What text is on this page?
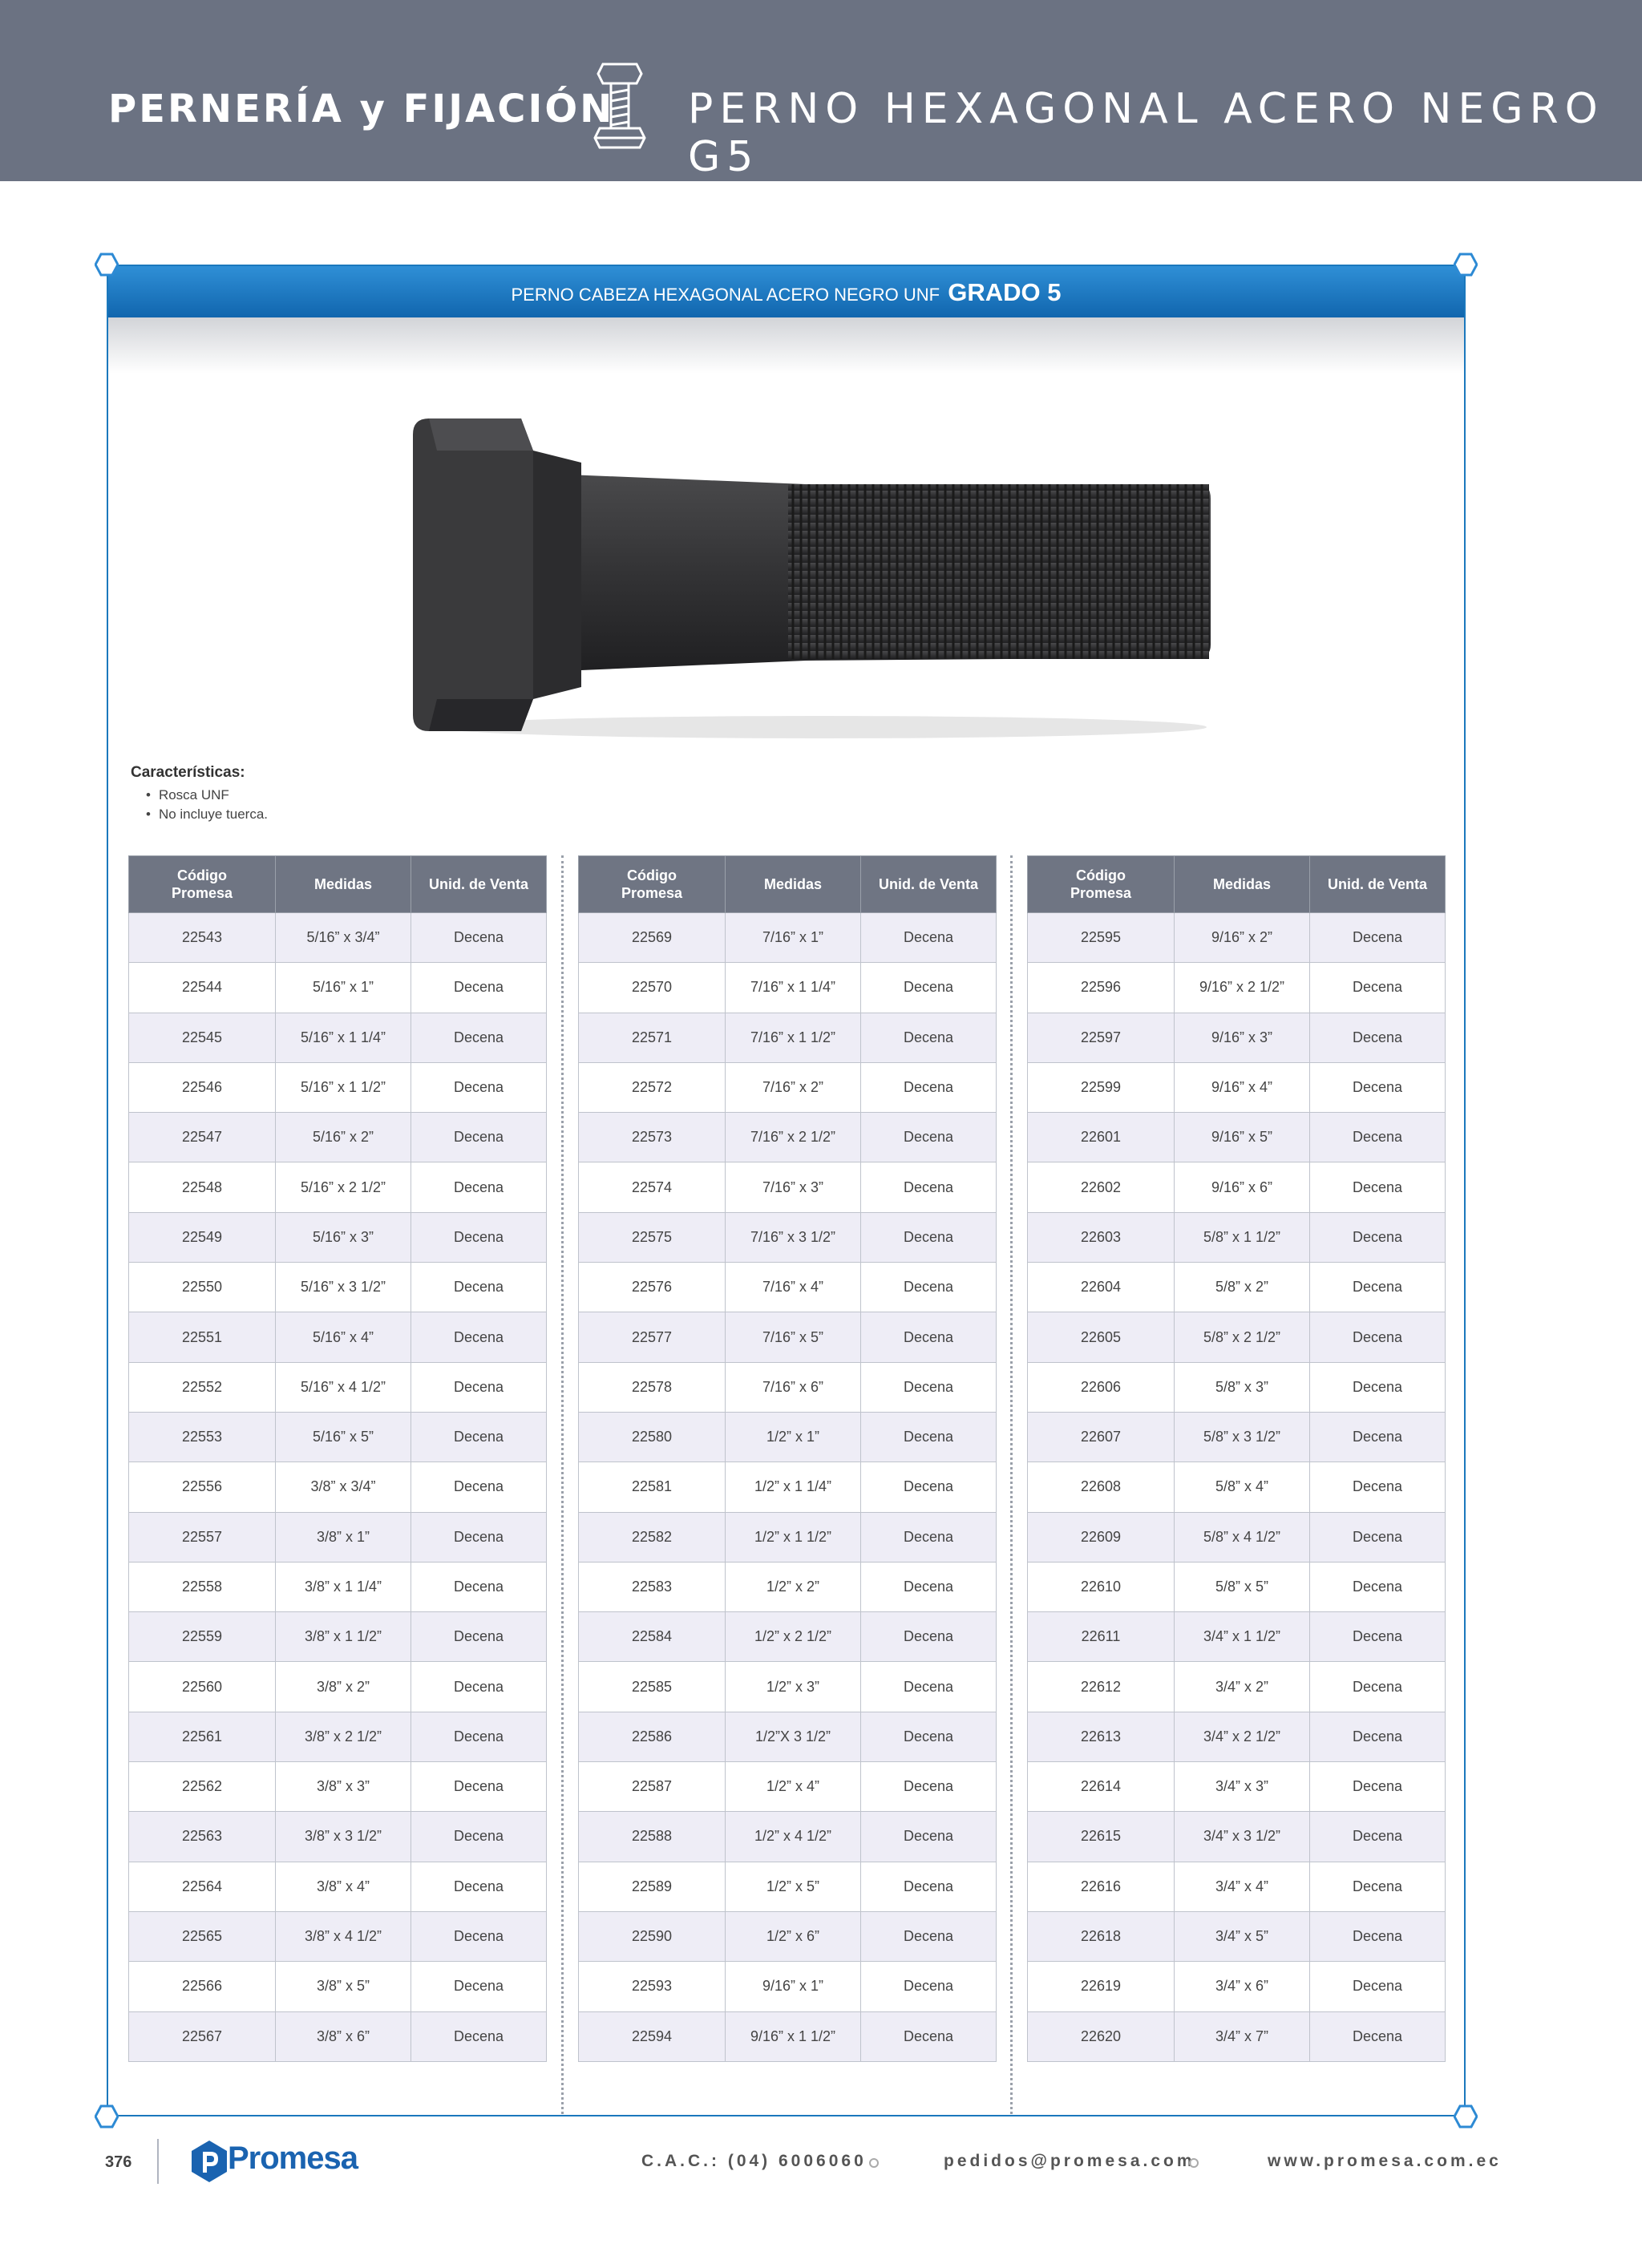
PERNERÍA y FIJACIÓN PERNO HEXAGONAL ACERO NEGRO G5
PERNO CABEZA HEXAGONAL ACERO NEGRO UNF GRADO 5
Características:
• Rosca UNF
• No incluye tuerca.
Código
Promesa	Medidas	Unid. de Venta
22543	5/16” x 3/4”	Decena
22544	5/16” x 1”	Decena
22545	5/16” x 1 1/4”	Decena
22546	5/16” x 1 1/2”	Decena
22547	5/16” x 2”	Decena
22548	5/16” x 2 1/2”	Decena
22549	5/16” x 3”	Decena
22550	5/16” x 3 1/2”	Decena
22551	5/16” x 4”	Decena
22552	5/16” x 4 1/2”	Decena
22553	5/16” x 5”	Decena
22556	3/8” x 3/4”	Decena
22557	3/8” x 1”	Decena
22558	3/8” x 1 1/4”	Decena
22559	3/8” x 1 1/2”	Decena
22560	3/8” x 2”	Decena
22561	3/8” x 2 1/2”	Decena
22562	3/8” x 3”	Decena
22563	3/8” x 3 1/2”	Decena
22564	3/8” x 4”	Decena
22565	3/8” x 4 1/2”	Decena
22566	3/8” x 5”	Decena
22567	3/8” x 6”	Decena
Código
Promesa	Medidas	Unid. de Venta
22569	7/16” x 1”	Decena
22570	7/16” x 1 1/4”	Decena
22571	7/16” x 1 1/2”	Decena
22572	7/16” x 2”	Decena
22573	7/16” x 2 1/2”	Decena
22574	7/16” x 3”	Decena
22575	7/16” x 3 1/2”	Decena
22576	7/16” x 4”	Decena
22577	7/16” x 5”	Decena
22578	7/16” x 6”	Decena
22580	1/2” x 1”	Decena
22581	1/2” x 1 1/4”	Decena
22582	1/2” x 1 1/2”	Decena
22583	1/2” x 2”	Decena
22584	1/2” x 2 1/2”	Decena
22585	1/2” x 3”	Decena
22586	1/2”X 3 1/2”	Decena
22587	1/2” x 4”	Decena
22588	1/2” x 4 1/2”	Decena
22589	1/2” x 5”	Decena
22590	1/2” x 6”	Decena
22593	9/16” x 1”	Decena
22594	9/16” x 1 1/2”	Decena
Código
Promesa	Medidas	Unid. de Venta
22595	9/16” x 2”	Decena
22596	9/16” x 2 1/2”	Decena
22597	9/16” x 3”	Decena
22599	9/16” x 4”	Decena
22601	9/16” x 5”	Decena
22602	9/16” x 6”	Decena
22603	5/8” x 1 1/2”	Decena
22604	5/8” x 2”	Decena
22605	5/8” x 2 1/2”	Decena
22606	5/8” x 3”	Decena
22607	5/8” x 3 1/2”	Decena
22608	5/8” x 4”	Decena
22609	5/8” x 4 1/2”	Decena
22610	5/8” x 5”	Decena
22611	3/4” x 1 1/2”	Decena
22612	3/4” x 2”	Decena
22613	3/4” x 2 1/2”	Decena
22614	3/4” x 3”	Decena
22615	3/4” x 3 1/2”	Decena
22616	3/4” x 4”	Decena
22618	3/4” x 5”	Decena
22619	3/4” x 6”	Decena
22620	3/4” x 7”	Decena
376	Promesa	C.A.C.: (04) 6006060	pedidos@promesa.com	www.promesa.com.ec
